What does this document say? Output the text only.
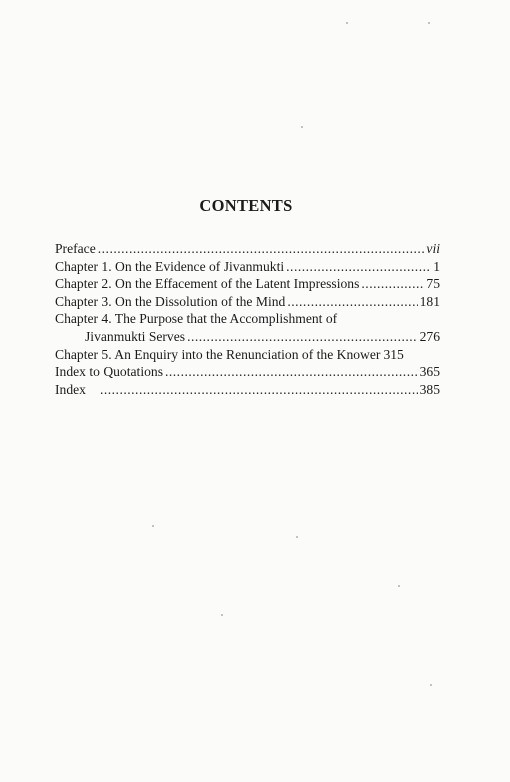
CONTENTS
Preface .....	vii
Chapter 1. On the Evidence of Jivanmukti .....	1
Chapter 2. On the Effacement of the Latent Impressions .....	75
Chapter 3. On the Dissolution of the Mind .....	181
Chapter 4. The Purpose that the Accomplishment of
Jivanmukti Serves .....	276
Chapter 5. An Enquiry into the Renunciation of the Knower 315
Index to Quotations .....	365
Index .....	385
